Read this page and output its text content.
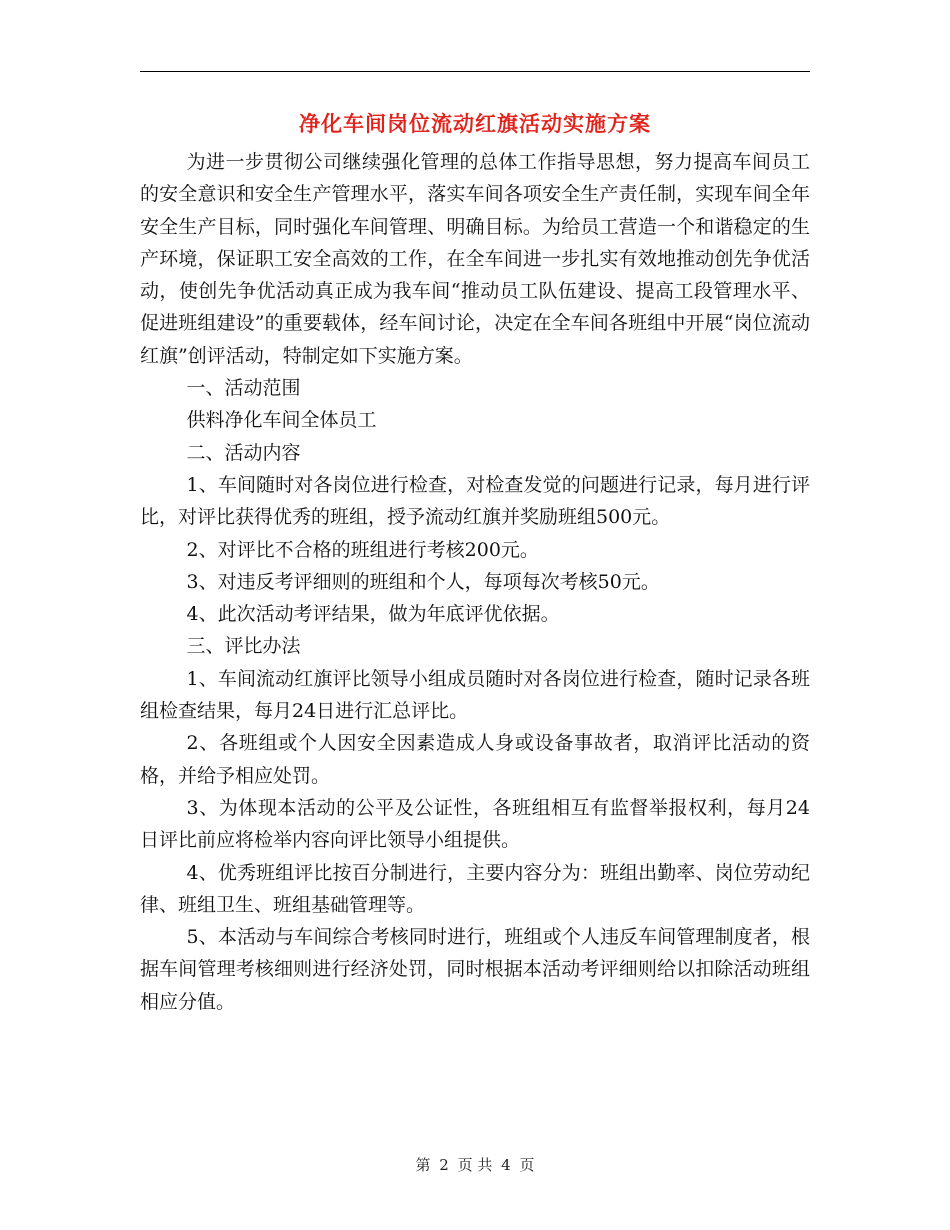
净化车间岗位流动红旗活动实施方案

为进一步贯彻公司继续强化管理的总体工作指导思想，努力提高车间员工的安全意识和安全生产管理水平，落实车间各项安全生产责任制，实现车间全年安全生产目标，同时强化车间管理、明确目标。为给员工营造一个和谐稳定的生产环境，保证职工安全高效的工作，在全车间进一步扎实有效地推动创先争优活动，使创先争优活动真正成为我车间“推动员工队伍建设、提高工段管理水平、促进班组建设”的重要载体，经车间讨论，决定在全车间各班组中开展“岗位流动红旗”创评活动，特制定如下实施方案。

一、活动范围

供料净化车间全体员工

二、活动内容

1、车间随时对各岗位进行检查，对检查发觉的问题进行记录，每月进行评比，对评比获得优秀的班组，授予流动红旗并奖励班组500元。

2、对评比不合格的班组进行考核200元。

3、对违反考评细则的班组和个人，每项每次考核50元。

4、此次活动考评结果，做为年底评优依据。

三、评比办法

1、车间流动红旗评比领导小组成员随时对各岗位进行检查，随时记录各班组检查结果，每月24日进行汇总评比。

2、各班组或个人因安全因素造成人身或设备事故者，取消评比活动的资格，并给予相应处罚。

3、为体现本活动的公平及公证性，各班组相互有监督举报权利，每月24日评比前应将检举内容向评比领导小组提供。

4、优秀班组评比按百分制进行，主要内容分为：班组出勤率、岗位劳动纪律、班组卫生、班组基础管理等。

5、本活动与车间综合考核同时进行，班组或个人违反车间管理制度者，根据车间管理考核细则进行经济处罚，同时根据本活动考评细则给以扣除活动班组相应分值。

第 2 页 共 4 页
